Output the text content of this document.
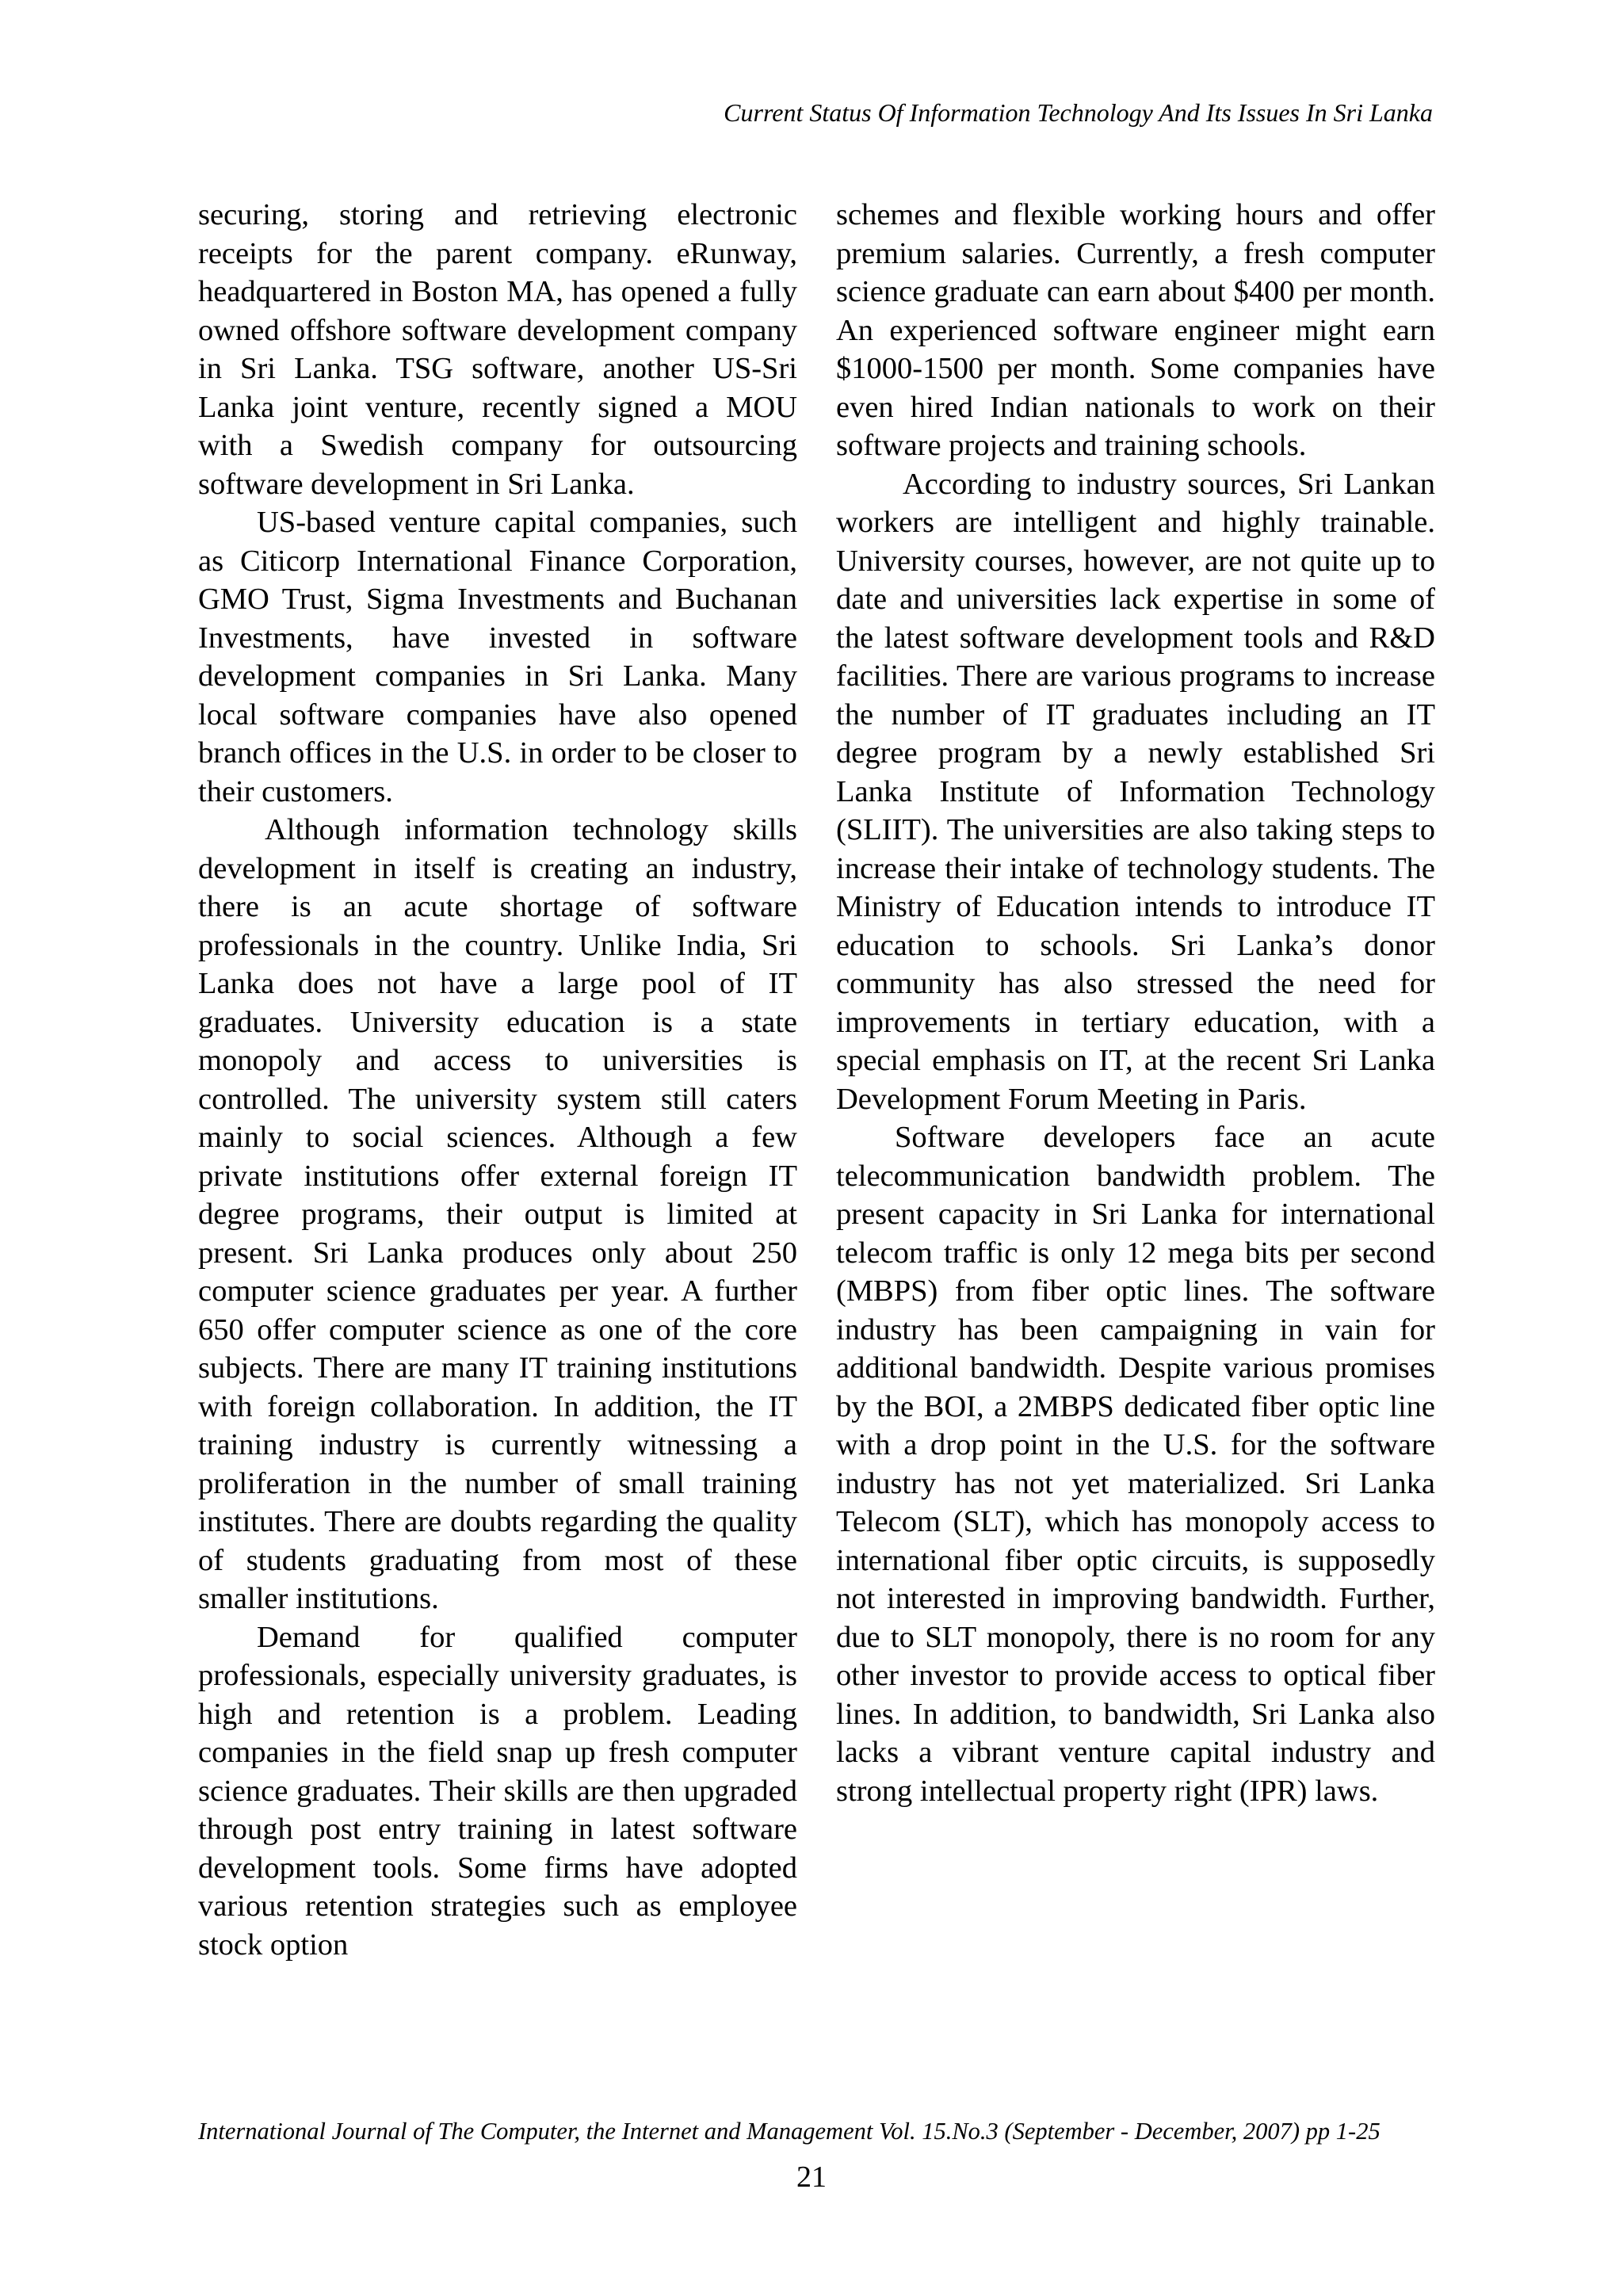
Current Status Of Information Technology And Its Issues In Sri Lanka

securing, storing and retrieving electronic receipts for the parent company. eRunway, headquartered in Boston MA, has opened a fully owned offshore software development company in Sri Lanka. TSG software, another US-Sri Lanka joint venture, recently signed a MOU with a Swedish company for outsourcing software development in Sri Lanka.

US-based venture capital companies, such as Citicorp International Finance Corporation, GMO Trust, Sigma Investments and Buchanan Investments, have invested in software development companies in Sri Lanka. Many local software companies have also opened branch offices in the U.S. in order to be closer to their customers.

Although information technology skills development in itself is creating an industry, there is an acute shortage of software professionals in the country. Unlike India, Sri Lanka does not have a large pool of IT graduates. University education is a state monopoly and access to universities is controlled. The university system still caters mainly to social sciences. Although a few private institutions offer external foreign IT degree programs, their output is limited at present. Sri Lanka produces only about 250 computer science graduates per year. A further 650 offer computer science as one of the core subjects. There are many IT training institutions with foreign collaboration. In addition, the IT training industry is currently witnessing a proliferation in the number of small training institutes. There are doubts regarding the quality of students graduating from most of these smaller institutions.

Demand for qualified computer professionals, especially university graduates, is high and retention is a problem. Leading companies in the field snap up fresh computer science graduates. Their skills are then upgraded through post entry training in latest software development tools. Some firms have adopted various retention strategies such as employee stock option

schemes and flexible working hours and offer premium salaries. Currently, a fresh computer science graduate can earn about $400 per month. An experienced software engineer might earn $1000-1500 per month. Some companies have even hired Indian nationals to work on their software projects and training schools.

According to industry sources, Sri Lankan workers are intelligent and highly trainable. University courses, however, are not quite up to date and universities lack expertise in some of the latest software development tools and R&D facilities. There are various programs to increase the number of IT graduates including an IT degree program by a newly established Sri Lanka Institute of Information Technology (SLIIT). The universities are also taking steps to increase their intake of technology students. The Ministry of Education intends to introduce IT education to schools. Sri Lanka’s donor community has also stressed the need for improvements in tertiary education, with a special emphasis on IT, at the recent Sri Lanka Development Forum Meeting in Paris.

Software developers face an acute telecommunication bandwidth problem. The present capacity in Sri Lanka for international telecom traffic is only 12 mega bits per second (MBPS) from fiber optic lines. The software industry has been campaigning in vain for additional bandwidth. Despite various promises by the BOI, a 2MBPS dedicated fiber optic line with a drop point in the U.S. for the software industry has not yet materialized. Sri Lanka Telecom (SLT), which has monopoly access to international fiber optic circuits, is supposedly not interested in improving bandwidth. Further, due to SLT monopoly, there is no room for any other investor to provide access to optical fiber lines. In addition, to bandwidth, Sri Lanka also lacks a vibrant venture capital industry and strong intellectual property right (IPR) laws.

International Journal of The Computer, the Internet and Management Vol. 15.No.3 (September - December, 2007) pp 1-25
21
